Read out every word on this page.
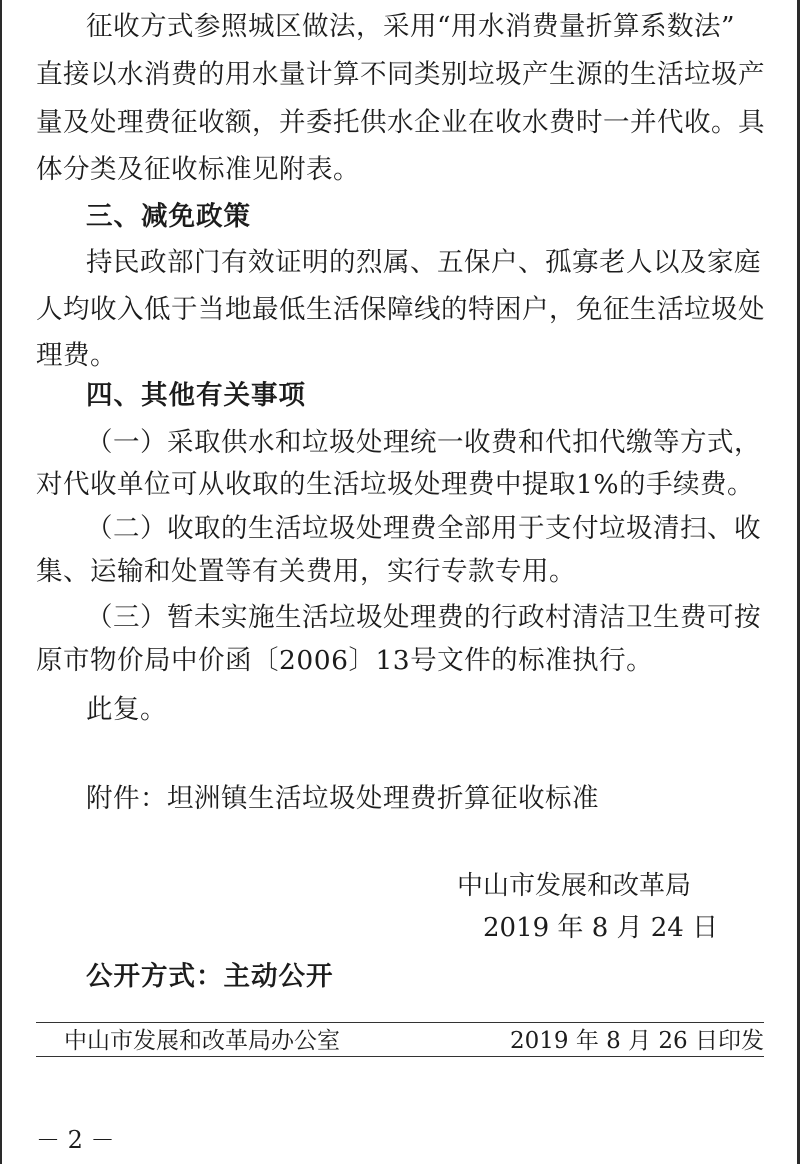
征收方式参照城区做法，采用“用水消费量折算系数法”
直接以水消费的用水量计算不同类别垃圾产生源的生活垃圾产
量及处理费征收额，并委托供水企业在收水费时一并代收。具
体分类及征收标准见附表。
三、减免政策
持民政部门有效证明的烈属、五保户、孤寡老人以及家庭
人均收入低于当地最低生活保障线的特困户，免征生活垃圾处
理费。
四、其他有关事项
（一）采取供水和垃圾处理统一收费和代扣代缴等方式，
对代收单位可从收取的生活垃圾处理费中提取1%的手续费。
（二）收取的生活垃圾处理费全部用于支付垃圾清扫、收
集、运输和处置等有关费用，实行专款专用。
（三）暂未实施生活垃圾处理费的行政村清洁卫生费可按
原市物价局中价函〔2006〕13号文件的标准执行。
此复。
附件：坦洲镇生活垃圾处理费折算征收标准
中山市发展和改革局
2019 年 8 月 24 日
公开方式：主动公开
中山市发展和改革局办公室	2019 年 8 月 26 日印发
－ 2 －
